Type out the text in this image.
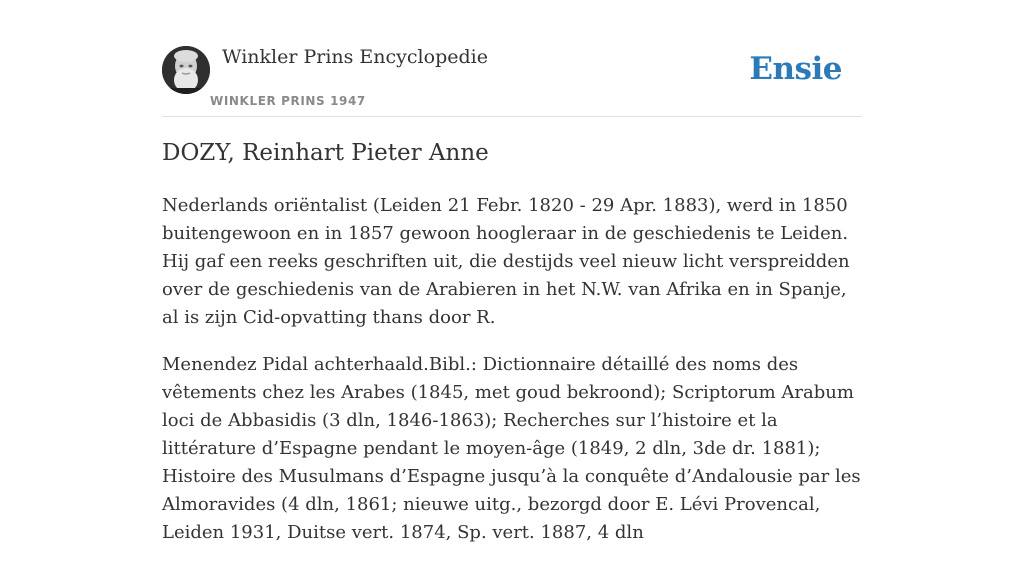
Winkler Prins Encyclopedie
WINKLER PRINS 1947
Ensie
DOZY, Reinhart Pieter Anne

Nederlands oriëntalist (Leiden 21 Febr. 1820 - 29 Apr. 1883), werd in 1850 buitengewoon en in 1857 gewoon hoogleraar in de geschiedenis te Leiden. Hij gaf een reeks geschriften uit, die destijds veel nieuw licht verspreidden over de geschiedenis van de Arabieren in het N.W. van Afrika en in Spanje, al is zijn Cid-opvatting thans door R.

Menendez Pidal achterhaald.Bibl.: Dictionnaire détaillé des noms des vêtements chez les Arabes (1845, met goud bekroond); Scriptorum Arabum loci de Abbasidis (3 dln, 1846-1863); Recherches sur l’histoire et la littérature d’Espagne pendant le moyen-âge (1849, 2 dln, 3de dr. 1881); Histoire des Musulmans d’Espagne jusqu’à la conquête d’Andalousie par les Almoravides (4 dln, 1861; nieuwe uitg., bezorgd door E. Lévi Provencal, Leiden 1931, Duitse vert. 1874, Sp. vert. 1887, 4 dln
